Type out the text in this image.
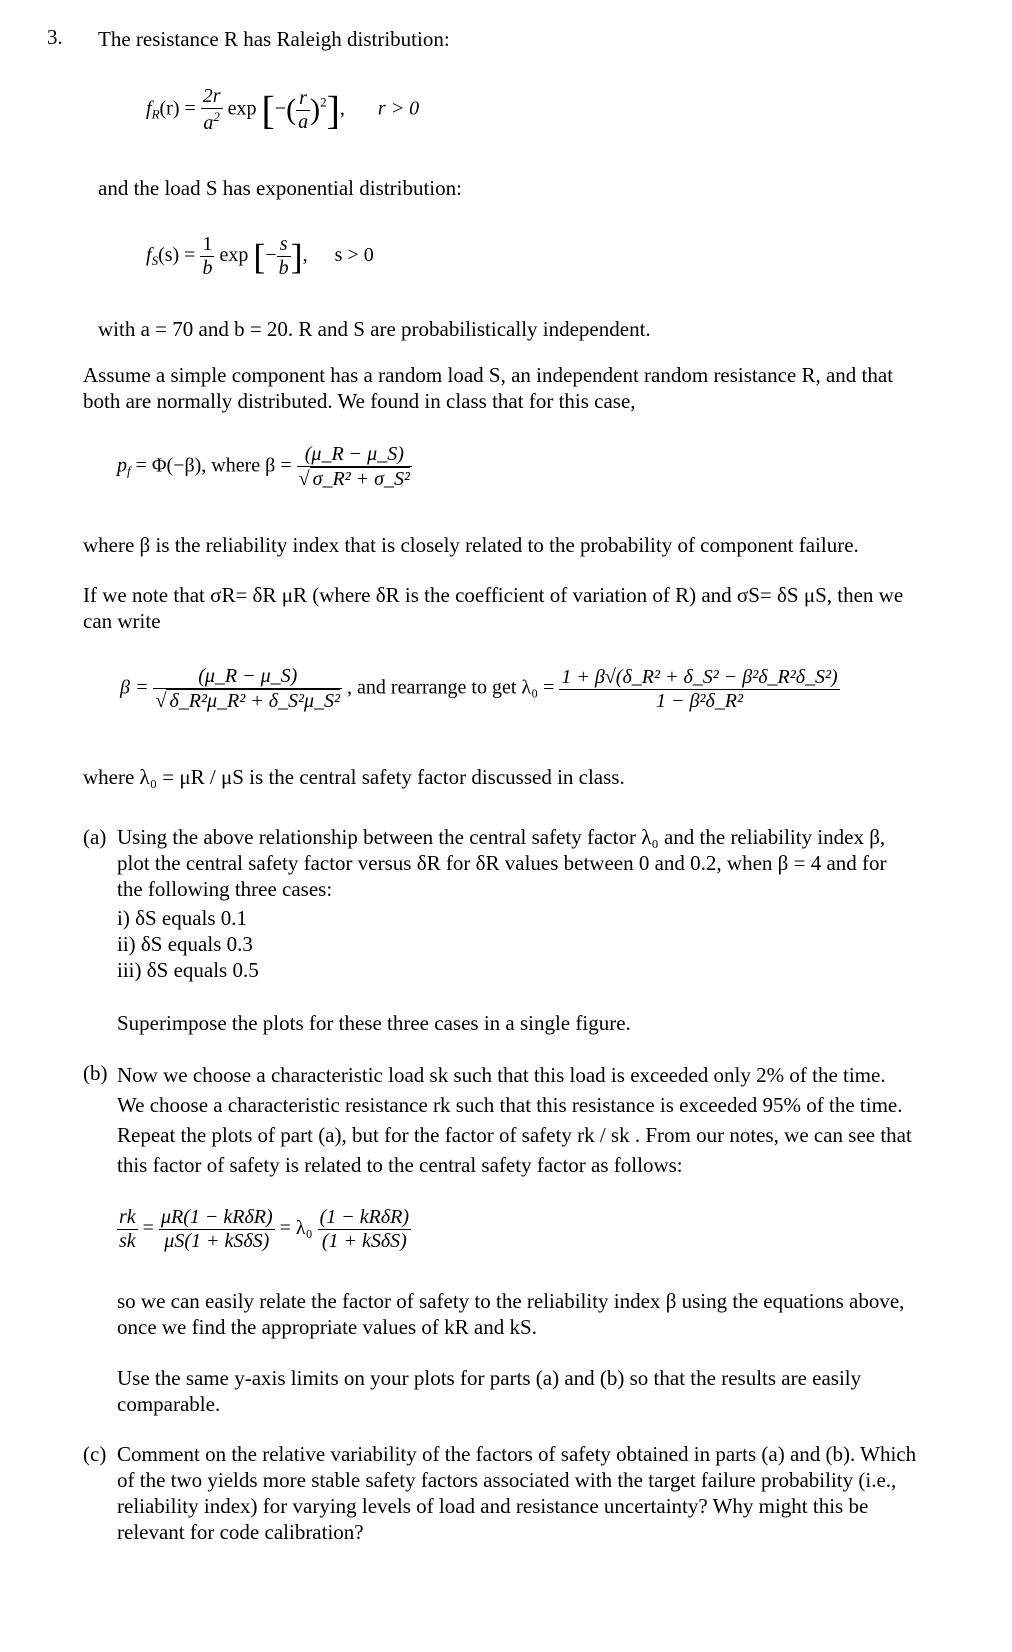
3. The resistance R has Raleigh distribution:
$f_R(r) = \frac{2r}{a^2}$ exp [−( $\frac{r}{a} )^2$], r > 0
and the load S has exponential distribution:
$f_S(s) = \frac{1}{b}$ exp [− $\frac{s}{b}$ ], s > 0
with a = 70 and b = 20. R and S are probabilistically independent.
Assume a simple component has a random load S, an independent random resistance R, and that both are normally distributed. We found in class that for this case,
$p_f = \Phi(-\beta)$, where $\beta = \frac{(\mu\_R - \mu\_S)}{\text{√ σ\_R² + σ\_S²}}$
where β is the reliability index that is closely related to the probability of component failure.
If we note that σR= δR μR (where δR is the coefficient of variation of R) and σS= δS μS, then we can write
$\beta = \frac{(\mu\_R - \mu\_S)}{\text{√ δ\_R²μ\_R² + δ\_S²μ\_S²}}$ , and rearrange to get $\lambda_0 = \frac{\text{1 + β√(δ\_R² + δ\_S² − β²δ\_R²δ\_S²)}}{\text{1 − β²δ\_R²}}$
where λ₀ = μR / μS is the central safety factor discussed in class.
(a) Using the above relationship between the central safety factor λ₀ and the reliability index β, plot the central safety factor versus δR for δR values between 0 and 0.2, when β = 4 and for the following three cases:
i) δS equals 0.1
ii) δS equals 0.3
iii) δS equals 0.5
Superimpose the plots for these three cases in a single figure.
(b) Now we choose a characteristic load sk such that this load is exceeded only 2% of the time. We choose a characteristic resistance rk such that this resistance is exceeded 95% of the time. Repeat the plots of part (a), but for the factor of safety rk / sk . From our notes, we can see that this factor of safety is related to the central safety factor as follows:
$\frac{rk}{sk} = \frac{\text{μR(1 − kRδR)}}{\text{μS(1 + kSδS)}} = \lambda_0 \frac{\text{(1 − kRδR)}}{\text{(1 + kSδS)}}$
so we can easily relate the factor of safety to the reliability index β using the equations above, once we find the appropriate values of kR and kS.
Use the same y-axis limits on your plots for parts (a) and (b) so that the results are easily comparable.
(c) Comment on the relative variability of the factors of safety obtained in parts (a) and (b). Which of the two yields more stable safety factors associated with the target failure probability (i.e., reliability index) for varying levels of load and resistance uncertainty? Why might this be relevant for code calibration?
